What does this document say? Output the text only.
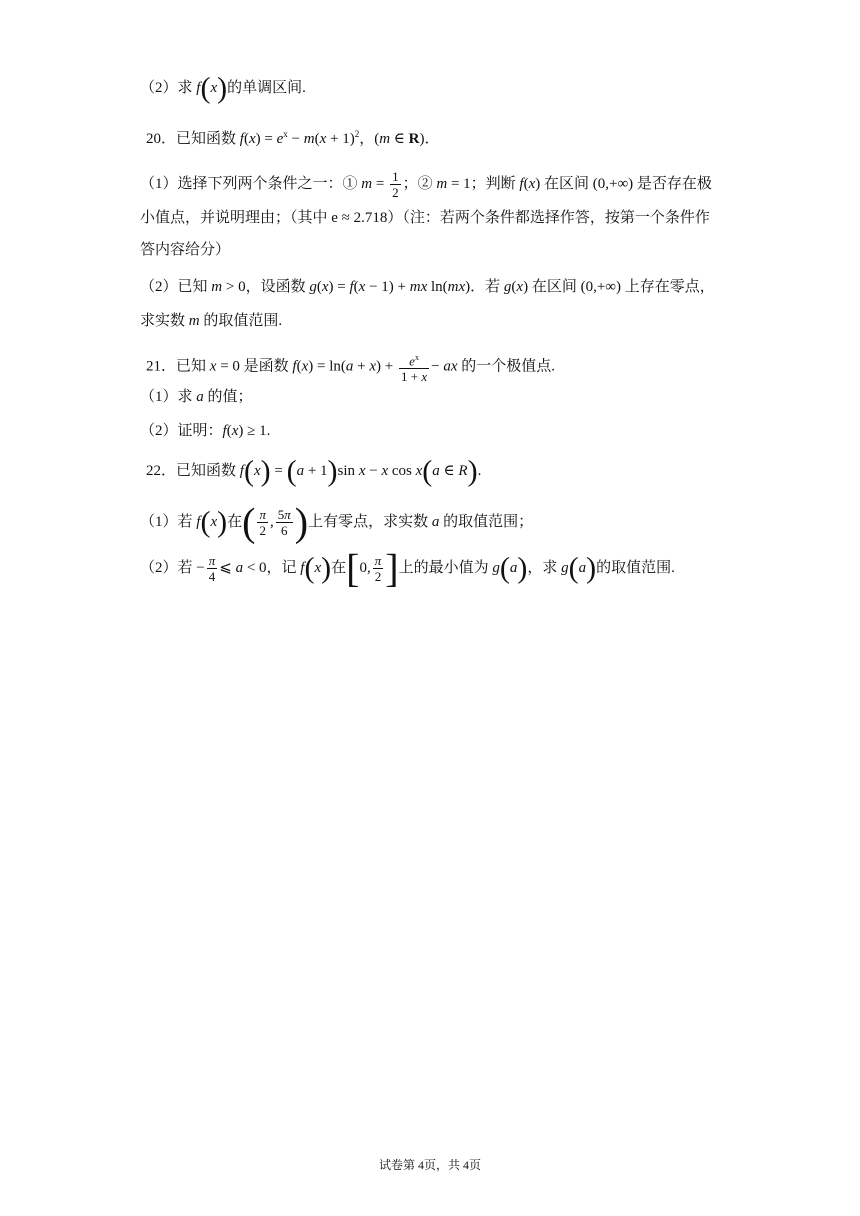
（2）求 f(x)的单调区间.
20．已知函数 $f(x) = e^x - m(x + 1)^2$，(m ∈ R)．
（1）选择下列两个条件之一：① $m = \frac{1}{2}$ ；② m = 1；判断 f(x) 在区间 (0,+∞) 是否存在极
小值点，并说明理由；（其中 e ≈ 2.718）（注：若两个条件都选择作答，按第一个条件作
答内容给分）
（2）已知 m > 0，设函数 g(x) = f(x − 1) + mx ln(mx)．若 g(x) 在区间 (0,+∞) 上存在零点，
求实数 m 的取值范围.
21．已知 x = 0 是函数 $f(x) = \ln(a + x) + \frac{e^x}{1 + x}$ − ax 的一个极值点.
（1）求 a 的值；
（2）证明：f(x) ≥ 1.
22．已知函数 f(x) = (a + 1)sin x − x cos x(a ∈ R).
（1）若 f(x)在( $\frac{\pi}{2}$ , $\frac{5\pi}{6}$ )上有零点，求实数 a 的取值范围；
（2）若 − $\frac{\pi}{4}$ ⩽ a < 0，记 f(x)在[0, $\frac{\pi}{2}$ ]上的最小值为 g(a)，求 g(a)的取值范围.
试卷第 4页，共 4页
